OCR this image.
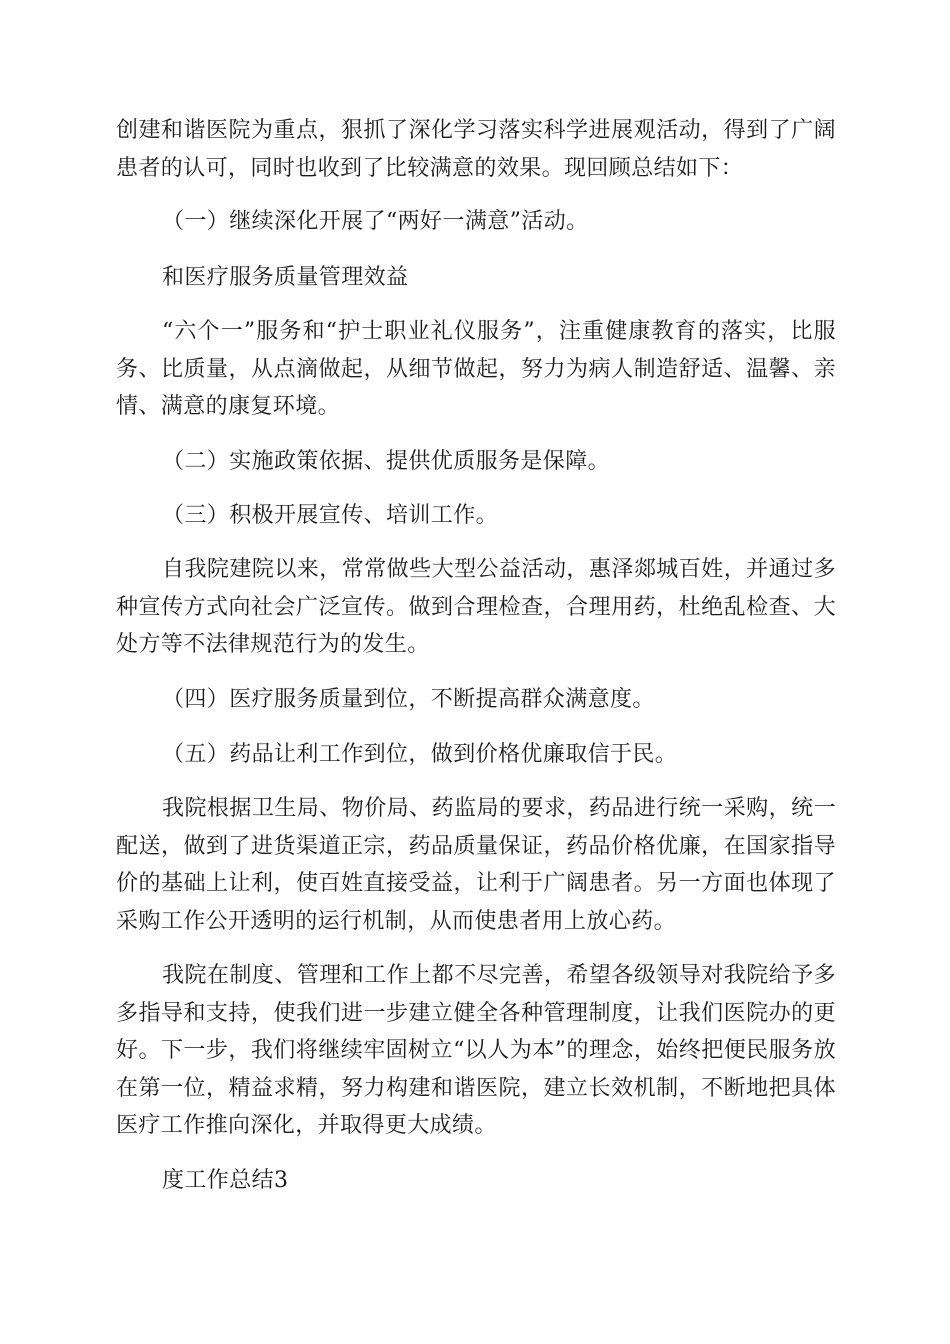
创建和谐医院为重点，狠抓了深化学习落实科学进展观活动，得到了广阔患者的认可，同时也收到了比较满意的效果。现回顾总结如下：

（一）继续深化开展了“两好一满意”活动。

和医疗服务质量管理效益

“六个一”服务和“护士职业礼仪服务”，注重健康教育的落实，比服务、比质量，从点滴做起，从细节做起，努力为病人制造舒适、温馨、亲情、满意的康复环境。

（二）实施政策依据、提供优质服务是保障。

（三）积极开展宣传、培训工作。

自我院建院以来，常常做些大型公益活动，惠泽郯城百姓，并通过多种宣传方式向社会广泛宣传。做到合理检查，合理用药，杜绝乱检查、大处方等不法律规范行为的发生。

（四）医疗服务质量到位，不断提高群众满意度。

（五）药品让利工作到位，做到价格优廉取信于民。

我院根据卫生局、物价局、药监局的要求，药品进行统一采购，统一配送，做到了进货渠道正宗，药品质量保证，药品价格优廉，在国家指导价的基础上让利，使百姓直接受益，让利于广阔患者。另一方面也体现了采购工作公开透明的运行机制，从而使患者用上放心药。

我院在制度、管理和工作上都不尽完善，希望各级领导对我院给予多多指导和支持，使我们进一步建立健全各种管理制度，让我们医院办的更好。下一步，我们将继续牢固树立“以人为本”的理念，始终把便民服务放在第一位，精益求精，努力构建和谐医院，建立长效机制，不断地把具体医疗工作推向深化，并取得更大成绩。

度工作总结3
